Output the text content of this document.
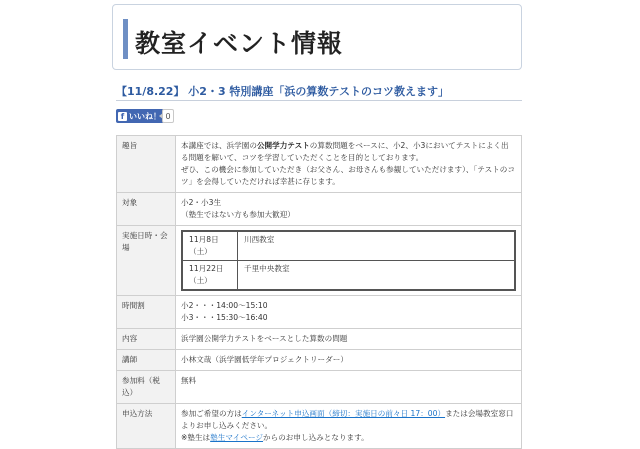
教室イベント情報
【11/8.22】 小2・3 特別講座「浜の算数テストのコツ教えます」
f いいね！ 0
趣旨	本講座では、浜学園の公開学力テストの算数問題をベースに、小2、小3においてテストによく出る問題を解いて、コツを学習していただくことを目的としております。
ぜひ、この機会に参加していただき（お父さん、お母さんも参観していただけます）、「テストのコツ」を会得していただければ幸甚に存じます。
対象	小2・小3生
（塾生ではない方も参加大歓迎）
実施日時・会場	
11月8日（土）	川西教室
11月22日（土）	千里中央教室

時間割	小2・・・14:00〜15:10
小3・・・15:30〜16:40
内容	浜学園公開学力テストをベースとした算数の問題
講師	小林文哉（浜学園低学年プロジェクトリーダー）
参加料（税込）	無料
申込方法	参加ご希望の方はインターネット申込画面（締切：実施日の前々日 17：00）または会場教室窓口よりお申し込みください。
※塾生は塾生マイページからのお申し込みとなります。
